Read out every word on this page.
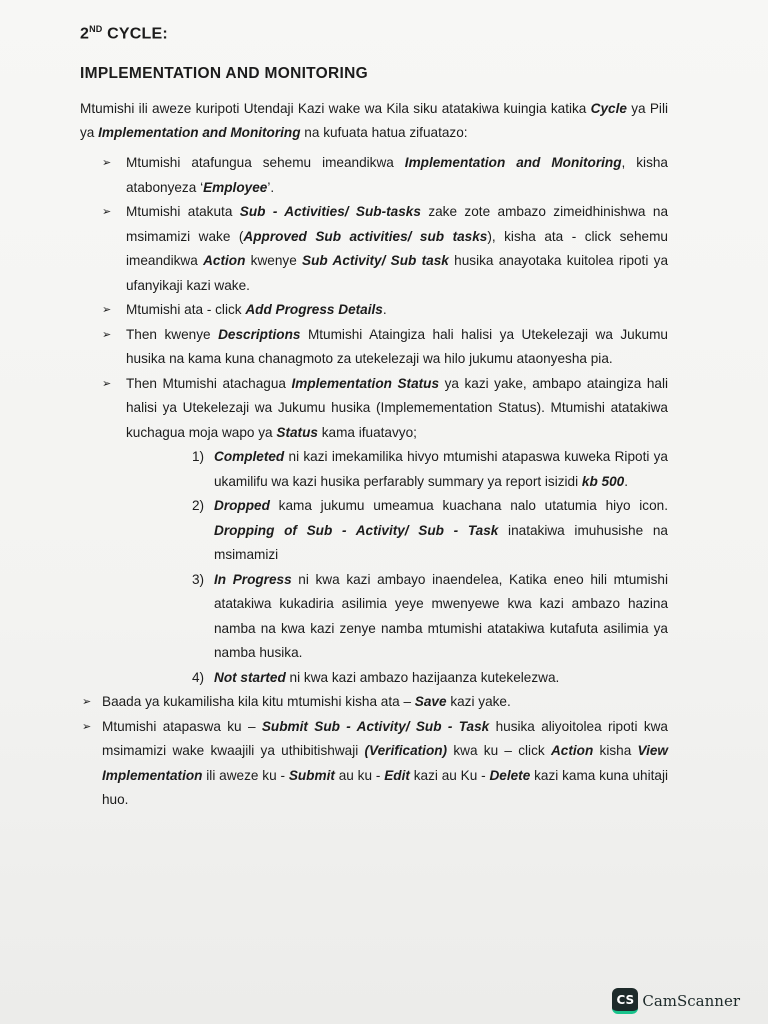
2ND CYCLE:
IMPLEMENTATION AND MONITORING

Mtumishi ili aweze kuripoti Utendaji Kazi wake wa Kila siku atatakiwa kuingia katika Cycle ya Pili ya Implementation and Monitoring na kufuata hatua zifuatazo:

➢ Mtumishi atafungua sehemu imeandikwa Implementation and Monitoring, kisha atabonyeza ‘Employee’.
➢ Mtumishi atakuta Sub - Activities/ Sub-tasks zake zote ambazo zimeidhinishwa na msimamizi wake (Approved Sub activities/ sub tasks), kisha ata - click sehemu imeandikwa Action kwenye Sub Activity/ Sub task husika anayotaka kuitolea ripoti ya ufanyikaji kazi wake.
➢ Mtumishi ata - click Add Progress Details.
➢ Then kwenye Descriptions Mtumishi Ataingiza hali halisi ya Utekelezaji wa Jukumu husika na kama kuna chanagmoto za utekelezaji wa hilo jukumu ataonyesha pia.
➢ Then Mtumishi atachagua Implementation Status ya kazi yake, ambapo ataingiza hali halisi ya Utekelezaji wa Jukumu husika (Implemementation Status). Mtumishi atatakiwa kuchagua moja wapo ya Status kama ifuatavyo;
1) Completed ni kazi imekamilika hivyo mtumishi atapaswa kuweka Ripoti ya ukamilifu wa kazi husika perfarably summary ya report isizidi kb 500.
2) Dropped kama jukumu umeamua kuachana nalo utatumia hiyo icon. Dropping of Sub - Activity/ Sub - Task inatakiwa imuhusishe na msimamizi
3) In Progress ni kwa kazi ambayo inaendelea, Katika eneo hili mtumishi atatakiwa kukadiria asilimia yeye mwenyewe kwa kazi ambazo hazina namba na kwa kazi zenye namba mtumishi atatakiwa kutafuta asilimia ya namba husika.
4) Not started ni kwa kazi ambazo hazijaanza kutekelezwa.
➢ Baada ya kukamilisha kila kitu mtumishi kisha ata – Save kazi yake.
➢ Mtumishi atapaswa ku – Submit Sub - Activity/ Sub - Task husika aliyoitolea ripoti kwa msimamizi wake kwaajili ya uthibitishwaji (Verification) kwa ku – click Action kisha View Implementation ili aweze ku - Submit au ku - Edit kazi au Ku - Delete kazi kama kuna uhitaji huo.
CS CamScanner
